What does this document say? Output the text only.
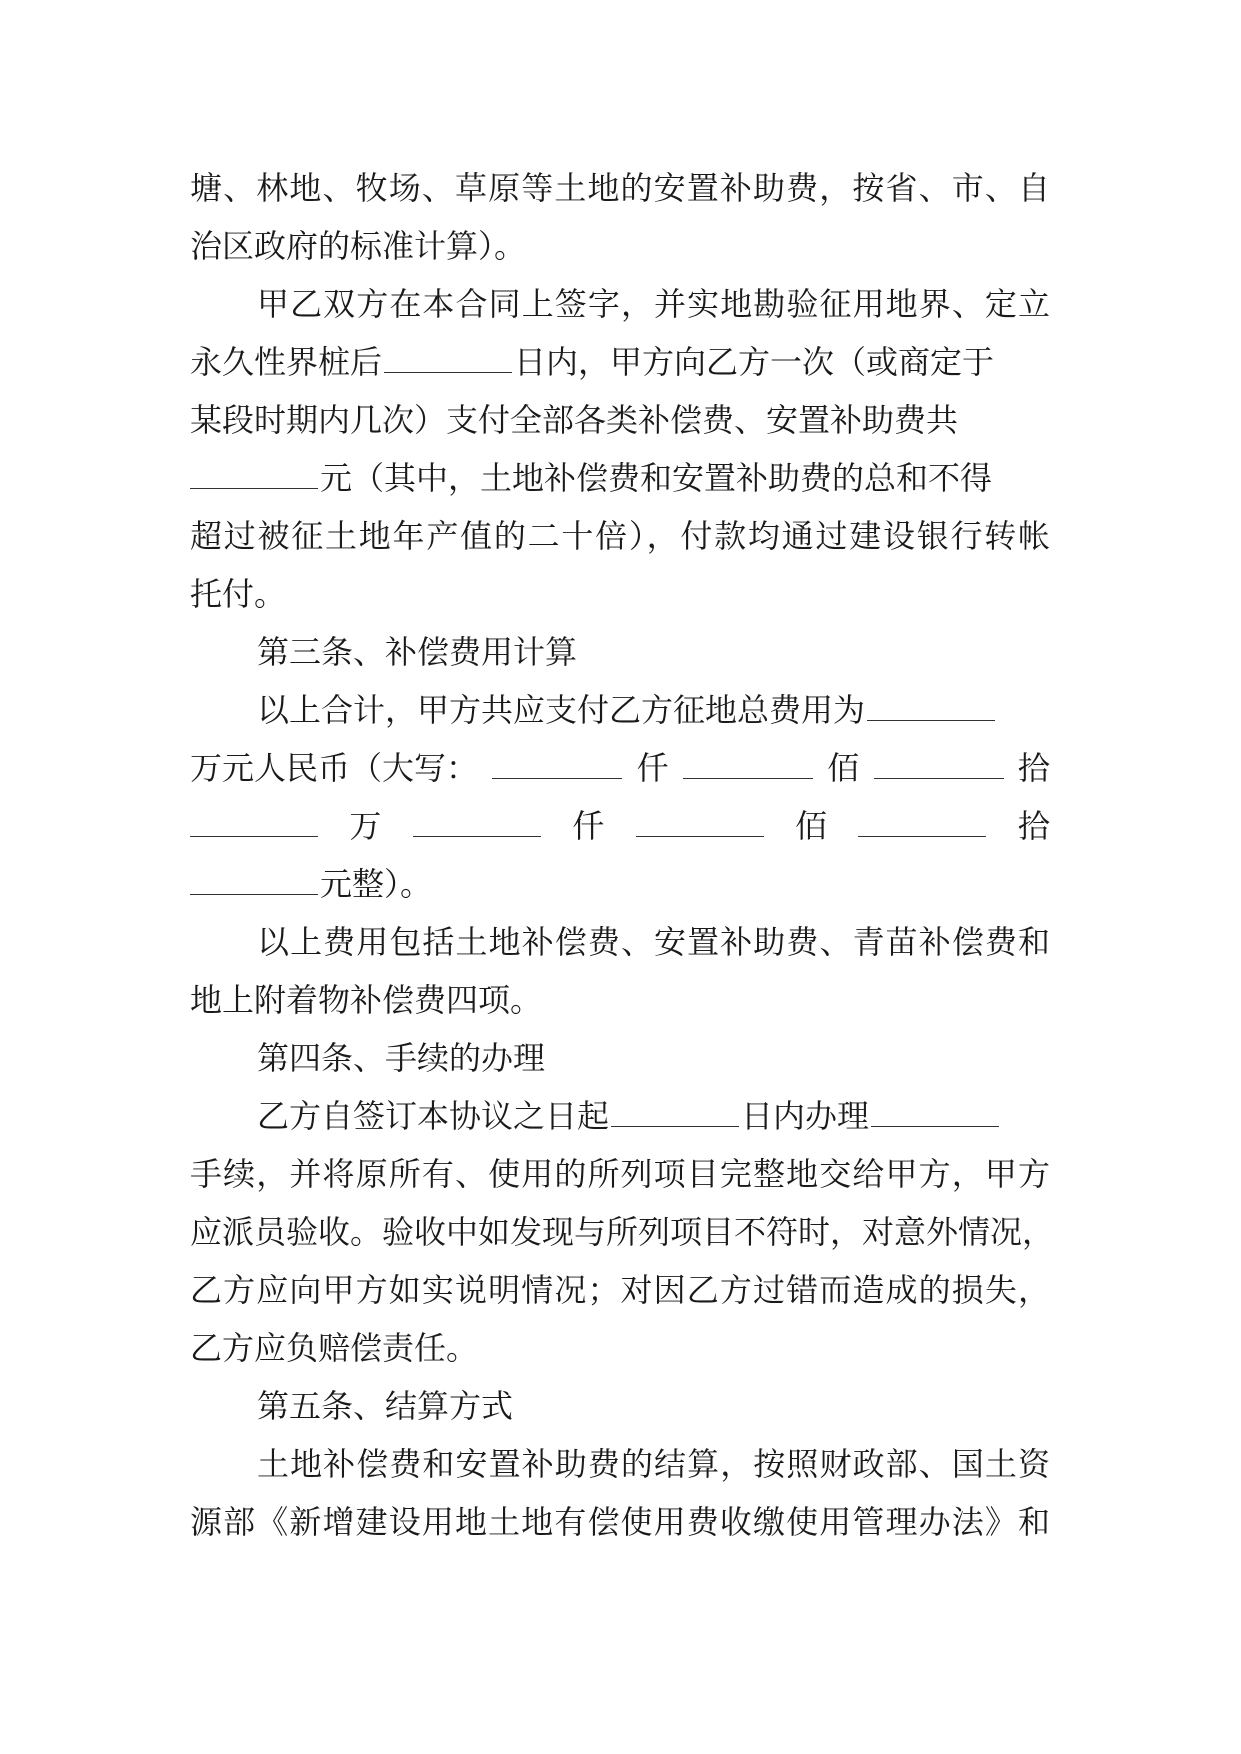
塘、林地、牧场、草原等土地的安置补助费，按省、市、自
治区政府的标准计算）。
甲乙双方在本合同上签字，并实地勘验征用地界、定立
永久性界桩后	日内，甲方向乙方一次（或商定于
某段时期内几次）支付全部各类补偿费、安置补助费共
元（其中，土地补偿费和安置补助费的总和不得
超过被征土地年产值的二十倍），付款均通过建设银行转帐
托付。
第三条、补偿费用计算
以上合计，甲方共应支付乙方征地总费用为
万元人民币（大写：	仟	佰	拾
万	仟	佰	拾
元整）。
以上费用包括土地补偿费、安置补助费、青苗补偿费和
地上附着物补偿费四项。
第四条、手续的办理
乙方自签订本协议之日起	日内办理
手续，并将原所有、使用的所列项目完整地交给甲方，甲方
应派员验收。验收中如发现与所列项目不符时，对意外情况，
乙方应向甲方如实说明情况；对因乙方过错而造成的损失，
乙方应负赔偿责任。
第五条、结算方式
土地补偿费和安置补助费的结算，按照财政部、国土资
源部《新增建设用地土地有偿使用费收缴使用管理办法》和
